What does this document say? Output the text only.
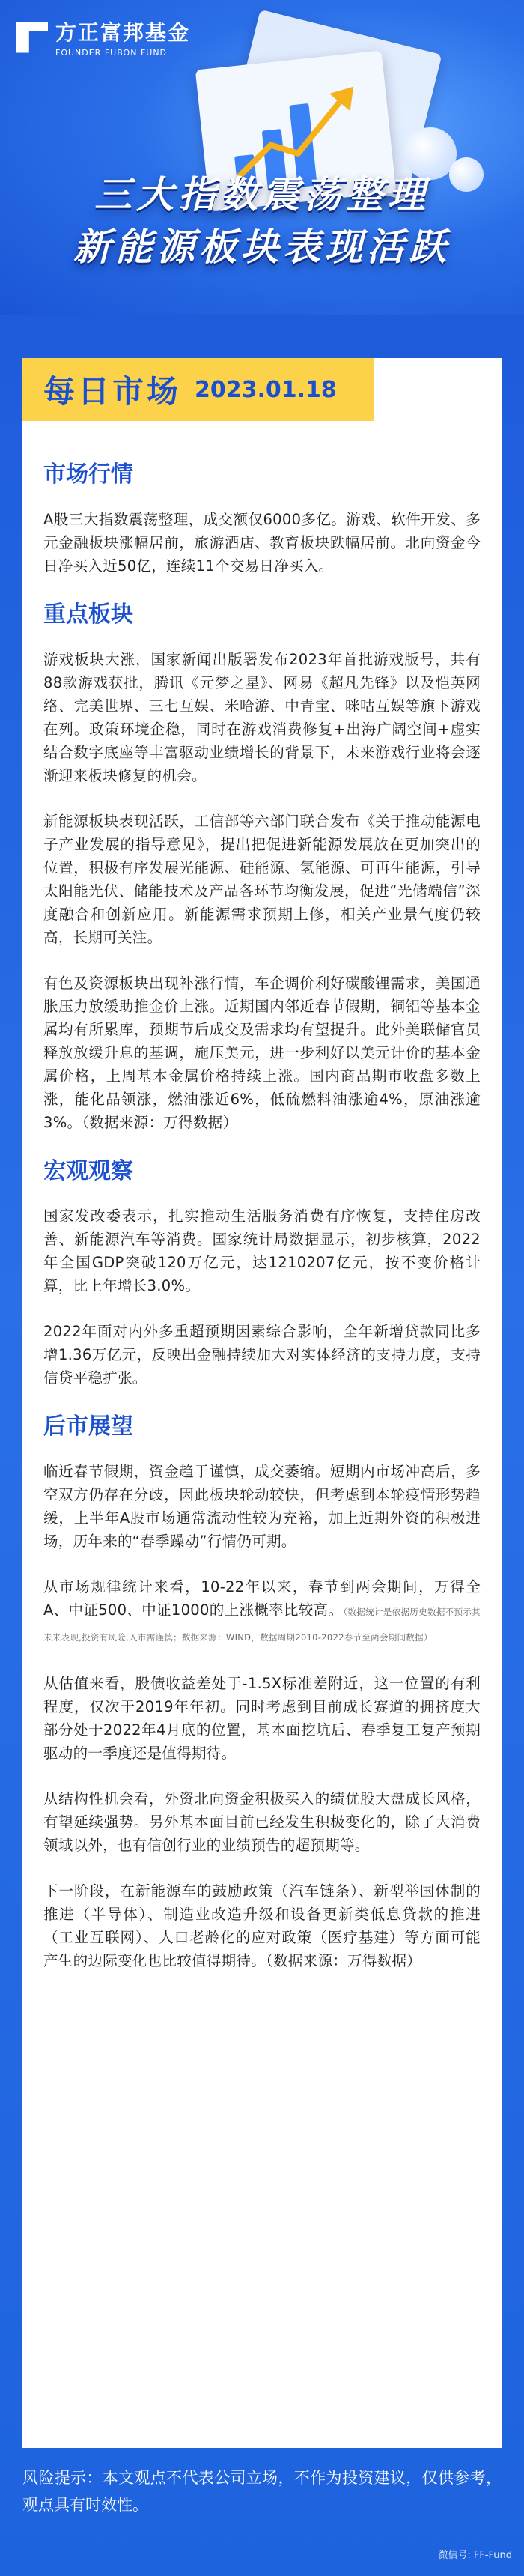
方正富邦基金
FOUNDER FUBON FUND
三大指数震荡整理
新能源板块表现活跃
每日市场 2023.01.18
市场行情

A股三大指数震荡整理，成交额仅6000多亿。游戏、软件开发、多元金融板块涨幅居前，旅游酒店、教育板块跌幅居前。北向资金今日净买入近50亿，连续11个交易日净买入。

重点板块

游戏板块大涨，国家新闻出版署发布2023年首批游戏版号，共有88款游戏获批，腾讯《元梦之星》、网易《超凡先锋》以及恺英网络、完美世界、三七互娱、米哈游、中青宝、咪咕互娱等旗下游戏在列。政策环境企稳，同时在游戏消费修复+出海广阔空间+虚实结合数字底座等丰富驱动业绩增长的背景下，未来游戏行业将会逐渐迎来板块修复的机会。

新能源板块表现活跃，工信部等六部门联合发布《关于推动能源电子产业发展的指导意见》，提出把促进新能源发展放在更加突出的位置，积极有序发展光能源、硅能源、氢能源、可再生能源，引导太阳能光伏、储能技术及产品各环节均衡发展，促进“光储端信”深度融合和创新应用。新能源需求预期上修，相关产业景气度仍较高，长期可关注。

有色及资源板块出现补涨行情，车企调价利好碳酸锂需求，美国通胀压力放缓助推金价上涨。近期国内邻近春节假期，铜铝等基本金属均有所累库，预期节后成交及需求均有望提升。此外美联储官员释放放缓升息的基调，施压美元，进一步利好以美元计价的基本金属价格，上周基本金属价格持续上涨。国内商品期市收盘多数上涨，能化品领涨，燃油涨近6%，低硫燃料油涨逾4%，原油涨逾3%。（数据来源：万得数据）

宏观观察

国家发改委表示，扎实推动生活服务消费有序恢复，支持住房改善、新能源汽车等消费。国家统计局数据显示，初步核算，2022年全国GDP突破120万亿元，达1210207亿元，按不变价格计算，比上年增长3.0%。

2022年面对内外多重超预期因素综合影响，全年新增贷款同比多增1.36万亿元，反映出金融持续加大对实体经济的支持力度，支持信贷平稳扩张。

后市展望

临近春节假期，资金趋于谨慎，成交萎缩。短期内市场冲高后，多空双方仍存在分歧，因此板块轮动较快，但考虑到本轮疫情形势趋缓，上半年A股市场通常流动性较为充裕，加上近期外资的积极进场，历年来的“春季躁动”行情仍可期。

从市场规律统计来看，10-22年以来，春节到两会期间，万得全A、中证500、中证1000的上涨概率比较高。（数据统计是依据历史数据不预示其未来表现,投资有风险,入市需谨慎；数据来源：WIND，数据周期2010-2022春节至两会期间数据）

从估值来看，股债收益差处于-1.5X标准差附近，这一位置的有利程度，仅次于2019年年初。同时考虑到目前成长赛道的拥挤度大部分处于2022年4月底的位置，基本面挖坑后、春季复工复产预期驱动的一季度还是值得期待。

从结构性机会看，外资北向资金积极买入的绩优股大盘成长风格，有望延续强势。另外基本面目前已经发生积极变化的，除了大消费领域以外，也有信创行业的业绩预告的超预期等。

下一阶段，在新能源车的鼓励政策（汽车链条）、新型举国体制的推进（半导体）、制造业改造升级和设备更新类低息贷款的推进（工业互联网）、人口老龄化的应对政策（医疗基建）等方面可能产生的边际变化也比较值得期待。（数据来源：万得数据）

风险提示：本文观点不代表公司立场，不作为投资建议，仅供参考，观点具有时效性。
微信号: FF-Fund
